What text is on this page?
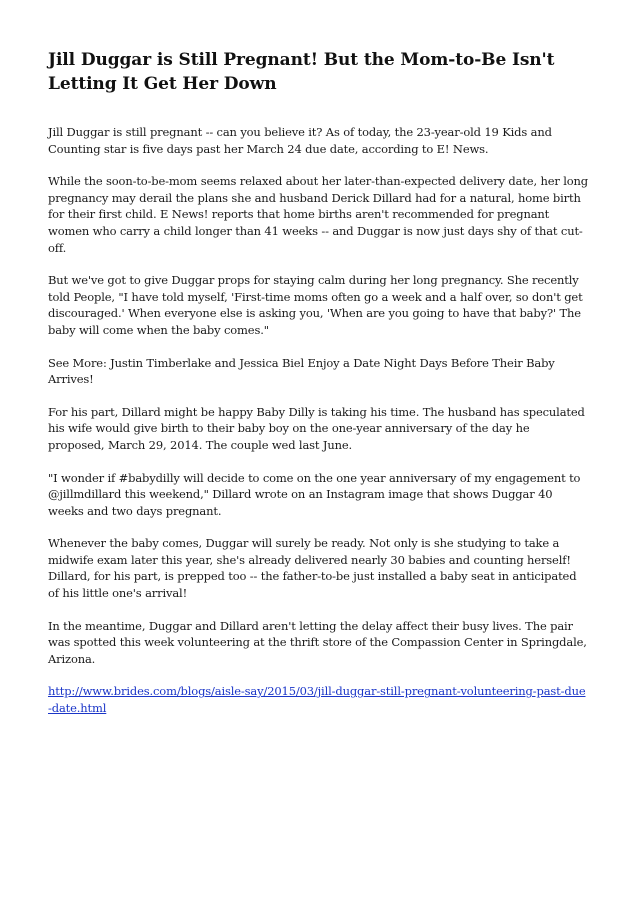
Jill Duggar is Still Pregnant! But the Mom-to-Be Isn't Letting It Get Her Down

Jill Duggar is still pregnant -- can you believe it? As of today, the 23-year-old 19 Kids and Counting star is five days past her March 24 due date, according to E! News.

While the soon-to-be-mom seems relaxed about her later-than-expected delivery date, her long pregnancy may derail the plans she and husband Derick Dillard had for a natural, home birth for their first child. E News! reports that home births aren't recommended for pregnant women who carry a child longer than 41 weeks -- and Duggar is now just days shy of that cut-off.

But we've got to give Duggar props for staying calm during her long pregnancy. She recently told People, "I have told myself, 'First-time moms often go a week and a half over, so don't get discouraged.' When everyone else is asking you, 'When are you going to have that baby?' The baby will come when the baby comes."

See More: Justin Timberlake and Jessica Biel Enjoy a Date Night Days Before Their Baby Arrives!

For his part, Dillard might be happy Baby Dilly is taking his time. The husband has speculated his wife would give birth to their baby boy on the one-year anniversary of the day he proposed, March 29, 2014. The couple wed last June.

"I wonder if #babydilly will decide to come on the one year anniversary of my engagement to @jillmdillard this weekend," Dillard wrote on an Instagram image that shows Duggar 40 weeks and two days pregnant.

Whenever the baby comes, Duggar will surely be ready. Not only is she studying to take a midwife exam later this year, she's already delivered nearly 30 babies and counting herself! Dillard, for his part, is prepped too -- the father-to-be just installed a baby seat in anticipated of his little one's arrival!

In the meantime, Duggar and Dillard aren't letting the delay affect their busy lives. The pair was spotted this week volunteering at the thrift store of the Compassion Center in Springdale, Arizona.

http://www.brides.com/blogs/aisle-say/2015/03/jill-duggar-still-pregnant-volunteering-past-due-date.html
